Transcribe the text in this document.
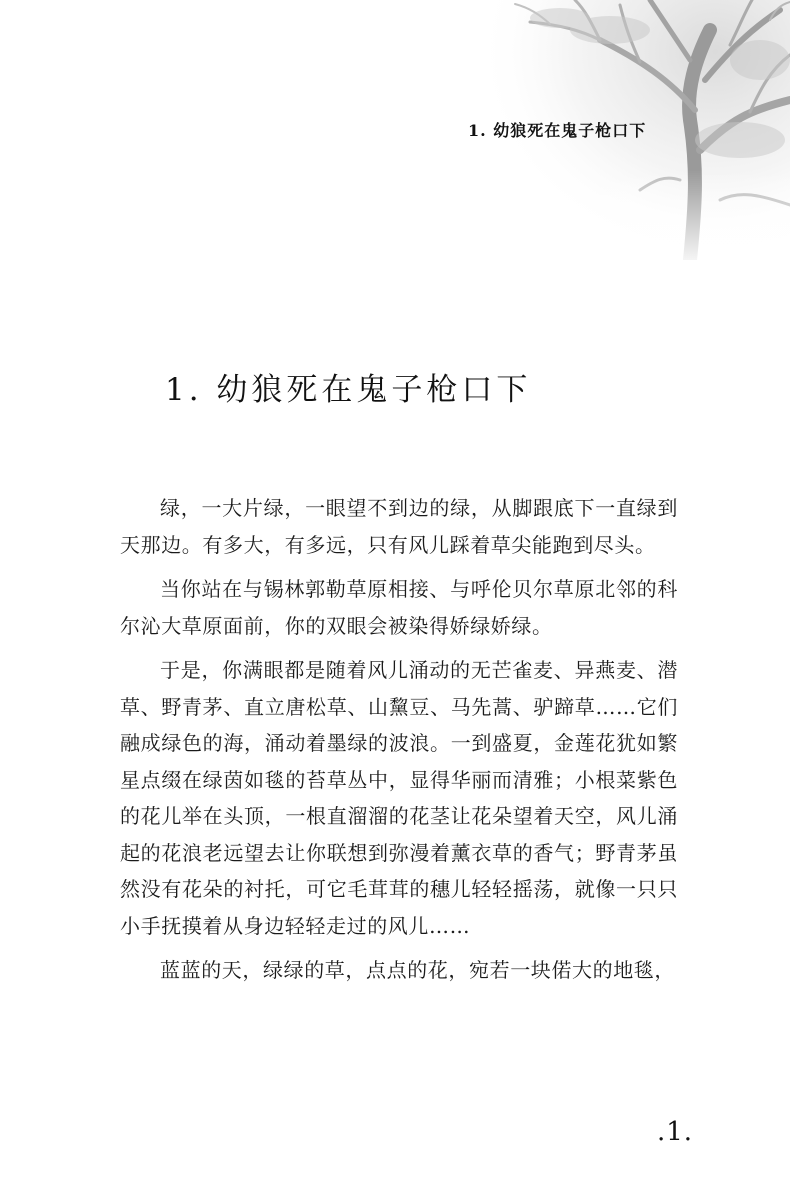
1. 幼狼死在鬼子枪口下
1. 幼狼死在鬼子枪口下

绿，一大片绿，一眼望不到边的绿，从脚跟底下一直绿到天那边。有多大，有多远，只有风儿踩着草尖能跑到尽头。

当你站在与锡林郭勒草原相接、与呼伦贝尔草原北邻的科尔沁大草原面前，你的双眼会被染得娇绿娇绿。

于是，你满眼都是随着风儿涌动的无芒雀麦、异燕麦、潜草、野青茅、直立唐松草、山黧豆、马先蒿、驴蹄草……它们融成绿色的海，涌动着墨绿的波浪。一到盛夏，金莲花犹如繁星点缀在绿茵如毯的苔草丛中，显得华丽而清雅；小根菜紫色的花儿举在头顶，一根直溜溜的花茎让花朵望着天空，风儿涌起的花浪老远望去让你联想到弥漫着薰衣草的香气；野青茅虽然没有花朵的衬托，可它毛茸茸的穗儿轻轻摇荡，就像一只只小手抚摸着从身边轻轻走过的风儿……

蓝蓝的天，绿绿的草，点点的花，宛若一块偌大的地毯，

.1.
